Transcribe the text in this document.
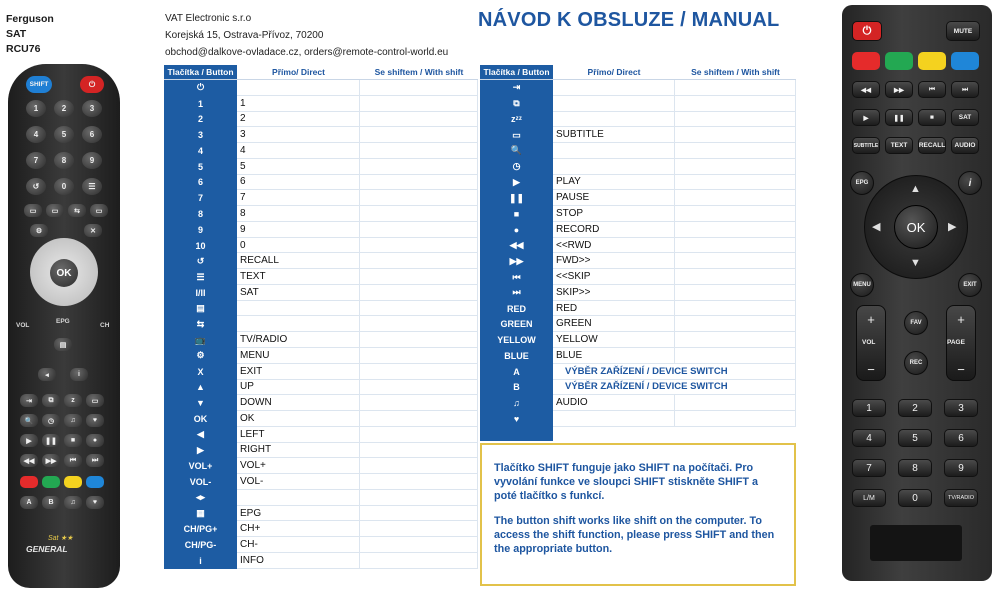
Ferguson
SAT
RCU76
SHIFT	⏻
1	2	3
4	5	6
7	8	9
↺	0	☰
▭	▭	⇆	▭
⚙	✕
OK
VOL
EPG
CH
▤
◂	i
⇥	⧉	z	▭
🔍	◷	♫	♥
▶	❚❚	■	●
◀◀	▶▶	⏮	⏭
A	B	♫	♥
Sat ★★
GENERAL
VAT Electronic s.r.o
Korejská 15, Ostrava-Přívoz, 70200
obchod@dalkove-ovladace.cz, orders@remote-control-world.eu
NÁVOD K OBSLUZE / MANUAL
Tlačítka / Button	Přímo/ Direct	Se shiftem / With shift
⏻
1	1
2	2
3	3
4	4
5	5
6	6
7	7
8	8
9	9
10	0
↺	RECALL
☰	TEXT
I/II	SAT
▤
⇆
📺	TV/RADIO
⚙	MENU
X	EXIT
▲	UP
▼	DOWN
OK	OK
◀	LEFT
▶	RIGHT
VOL+	VOL+
VOL-	VOL-
◂▸
▦	EPG
CH/PG+	CH+
CH/PG-	CH-
i	INFO
Tlačítka / Button	Přímo/ Direct	Se shiftem / With shift
⇥
⧉
zᶻᶻ
▭	SUBTITLE
🔍
◷
▶	PLAY
❚❚	PAUSE
■	STOP
●	RECORD
◀◀	<<RWD
▶▶	FWD>>
⏮	<<SKIP
⏭	SKIP>>
RED	RED
GREEN	GREEN
YELLOW	YELLOW
BLUE	BLUE
A	VÝBĚR ZAŘÍZENÍ / DEVICE SWITCH
B	VÝBĚR ZAŘÍZENÍ / DEVICE SWITCH
♫	AUDIO
♥

Tlačítko SHIFT funguje jako SHIFT na počítači. Pro vyvolání funkce ve sloupci SHIFT stiskněte SHIFT a poté tlačítko s funkcí.

The button shift works like shift on the computer. To access the shift function, please press SHIFT and then the appropriate button.

⏻	MUTE
◀◀	▶▶	⏮	⏭
▶	❚❚	■	SAT
SUBTITLE	TEXT	RECALL	AUDIO
EPG	i
▲
▼
◀	▶
OK
MENU	EXIT
+
−
VOL
+
−
PAGE
FAV
REC
1	2	3
4	5	6
7	8	9
L/M	0	TV/RADIO
